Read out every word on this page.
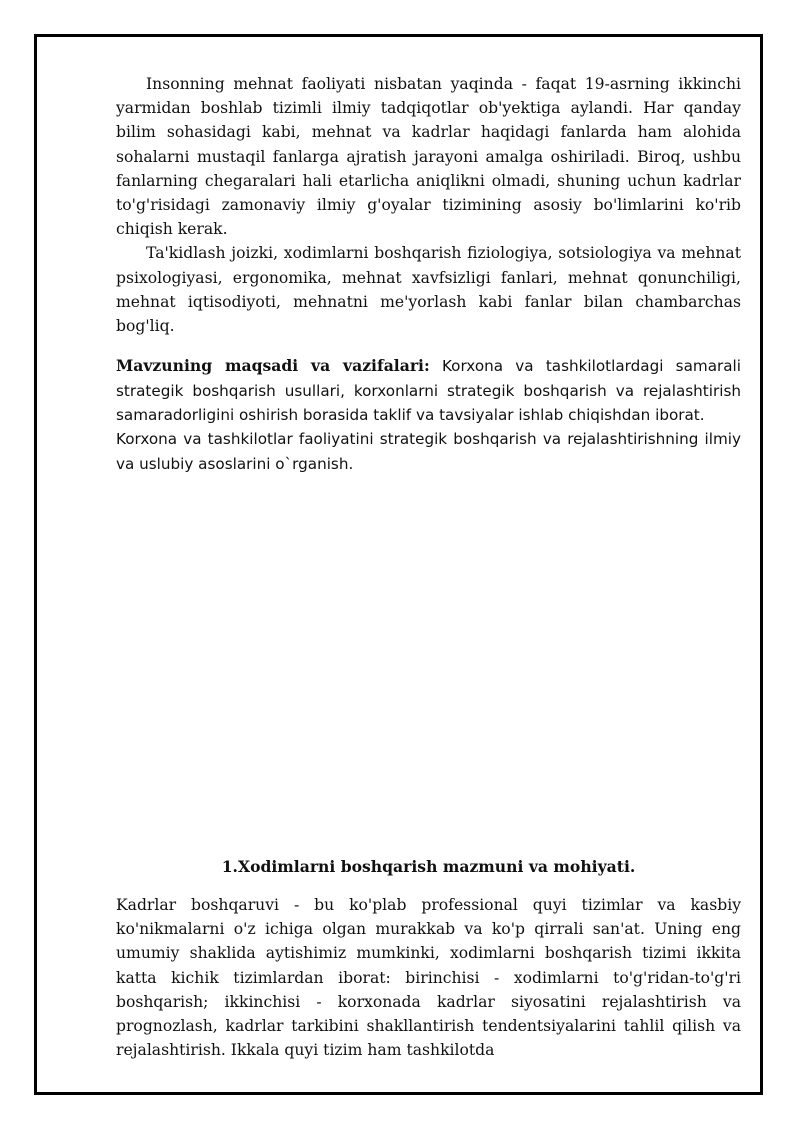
Insonning mehnat faoliyati nisbatan yaqinda - faqat 19-asrning ikkinchi yarmidan boshlab tizimli ilmiy tadqiqotlar ob'yektiga aylandi. Har qanday bilim sohasidagi kabi, mehnat va kadrlar haqidagi fanlarda ham alohida sohalarni mustaqil fanlarga ajratish jarayoni amalga oshiriladi. Biroq, ushbu fanlarning chegaralari hali etarlicha aniqlikni olmadi, shuning uchun kadrlar to'g'risidagi zamonaviy ilmiy g'oyalar tizimining asosiy bo'limlarini ko'rib chiqish kerak.

Ta'kidlash joizki, xodimlarni boshqarish fiziologiya, sotsiologiya va mehnat psixologiyasi, ergonomika, mehnat xavfsizligi fanlari, mehnat qonunchiligi, mehnat iqtisodiyoti, mehnatni me'yorlash kabi fanlar bilan chambarchas bog'liq.

Mavzuning maqsadi va vazifalari: Korxona va tashkilotlardagi samarali strategik boshqarish usullari, korxonlarni strategik boshqarish va rejalashtirish samaradorligini oshirish borasida taklif va tavsiyalar ishlab chiqishdan iborat.

Korxona va tashkilotlar faoliyatini strategik boshqarish va rejalashtirishning ilmiy va uslubiy asoslarini o`rganish.

1.Xodimlarni boshqarish mazmuni va mohiyati.

Kadrlar boshqaruvi - bu ko'plab professional quyi tizimlar va kasbiy ko'nikmalarni o'z ichiga olgan murakkab va ko'p qirrali san'at. Uning eng umumiy shaklida aytishimiz mumkinki, xodimlarni boshqarish tizimi ikkita katta kichik tizimlardan iborat: birinchisi - xodimlarni to'g'ridan-to'g'ri boshqarish; ikkinchisi - korxonada kadrlar siyosatini rejalashtirish va prognozlash, kadrlar tarkibini shakllantirish tendentsiyalarini tahlil qilish va rejalashtirish. Ikkala quyi tizim ham tashkilotda
